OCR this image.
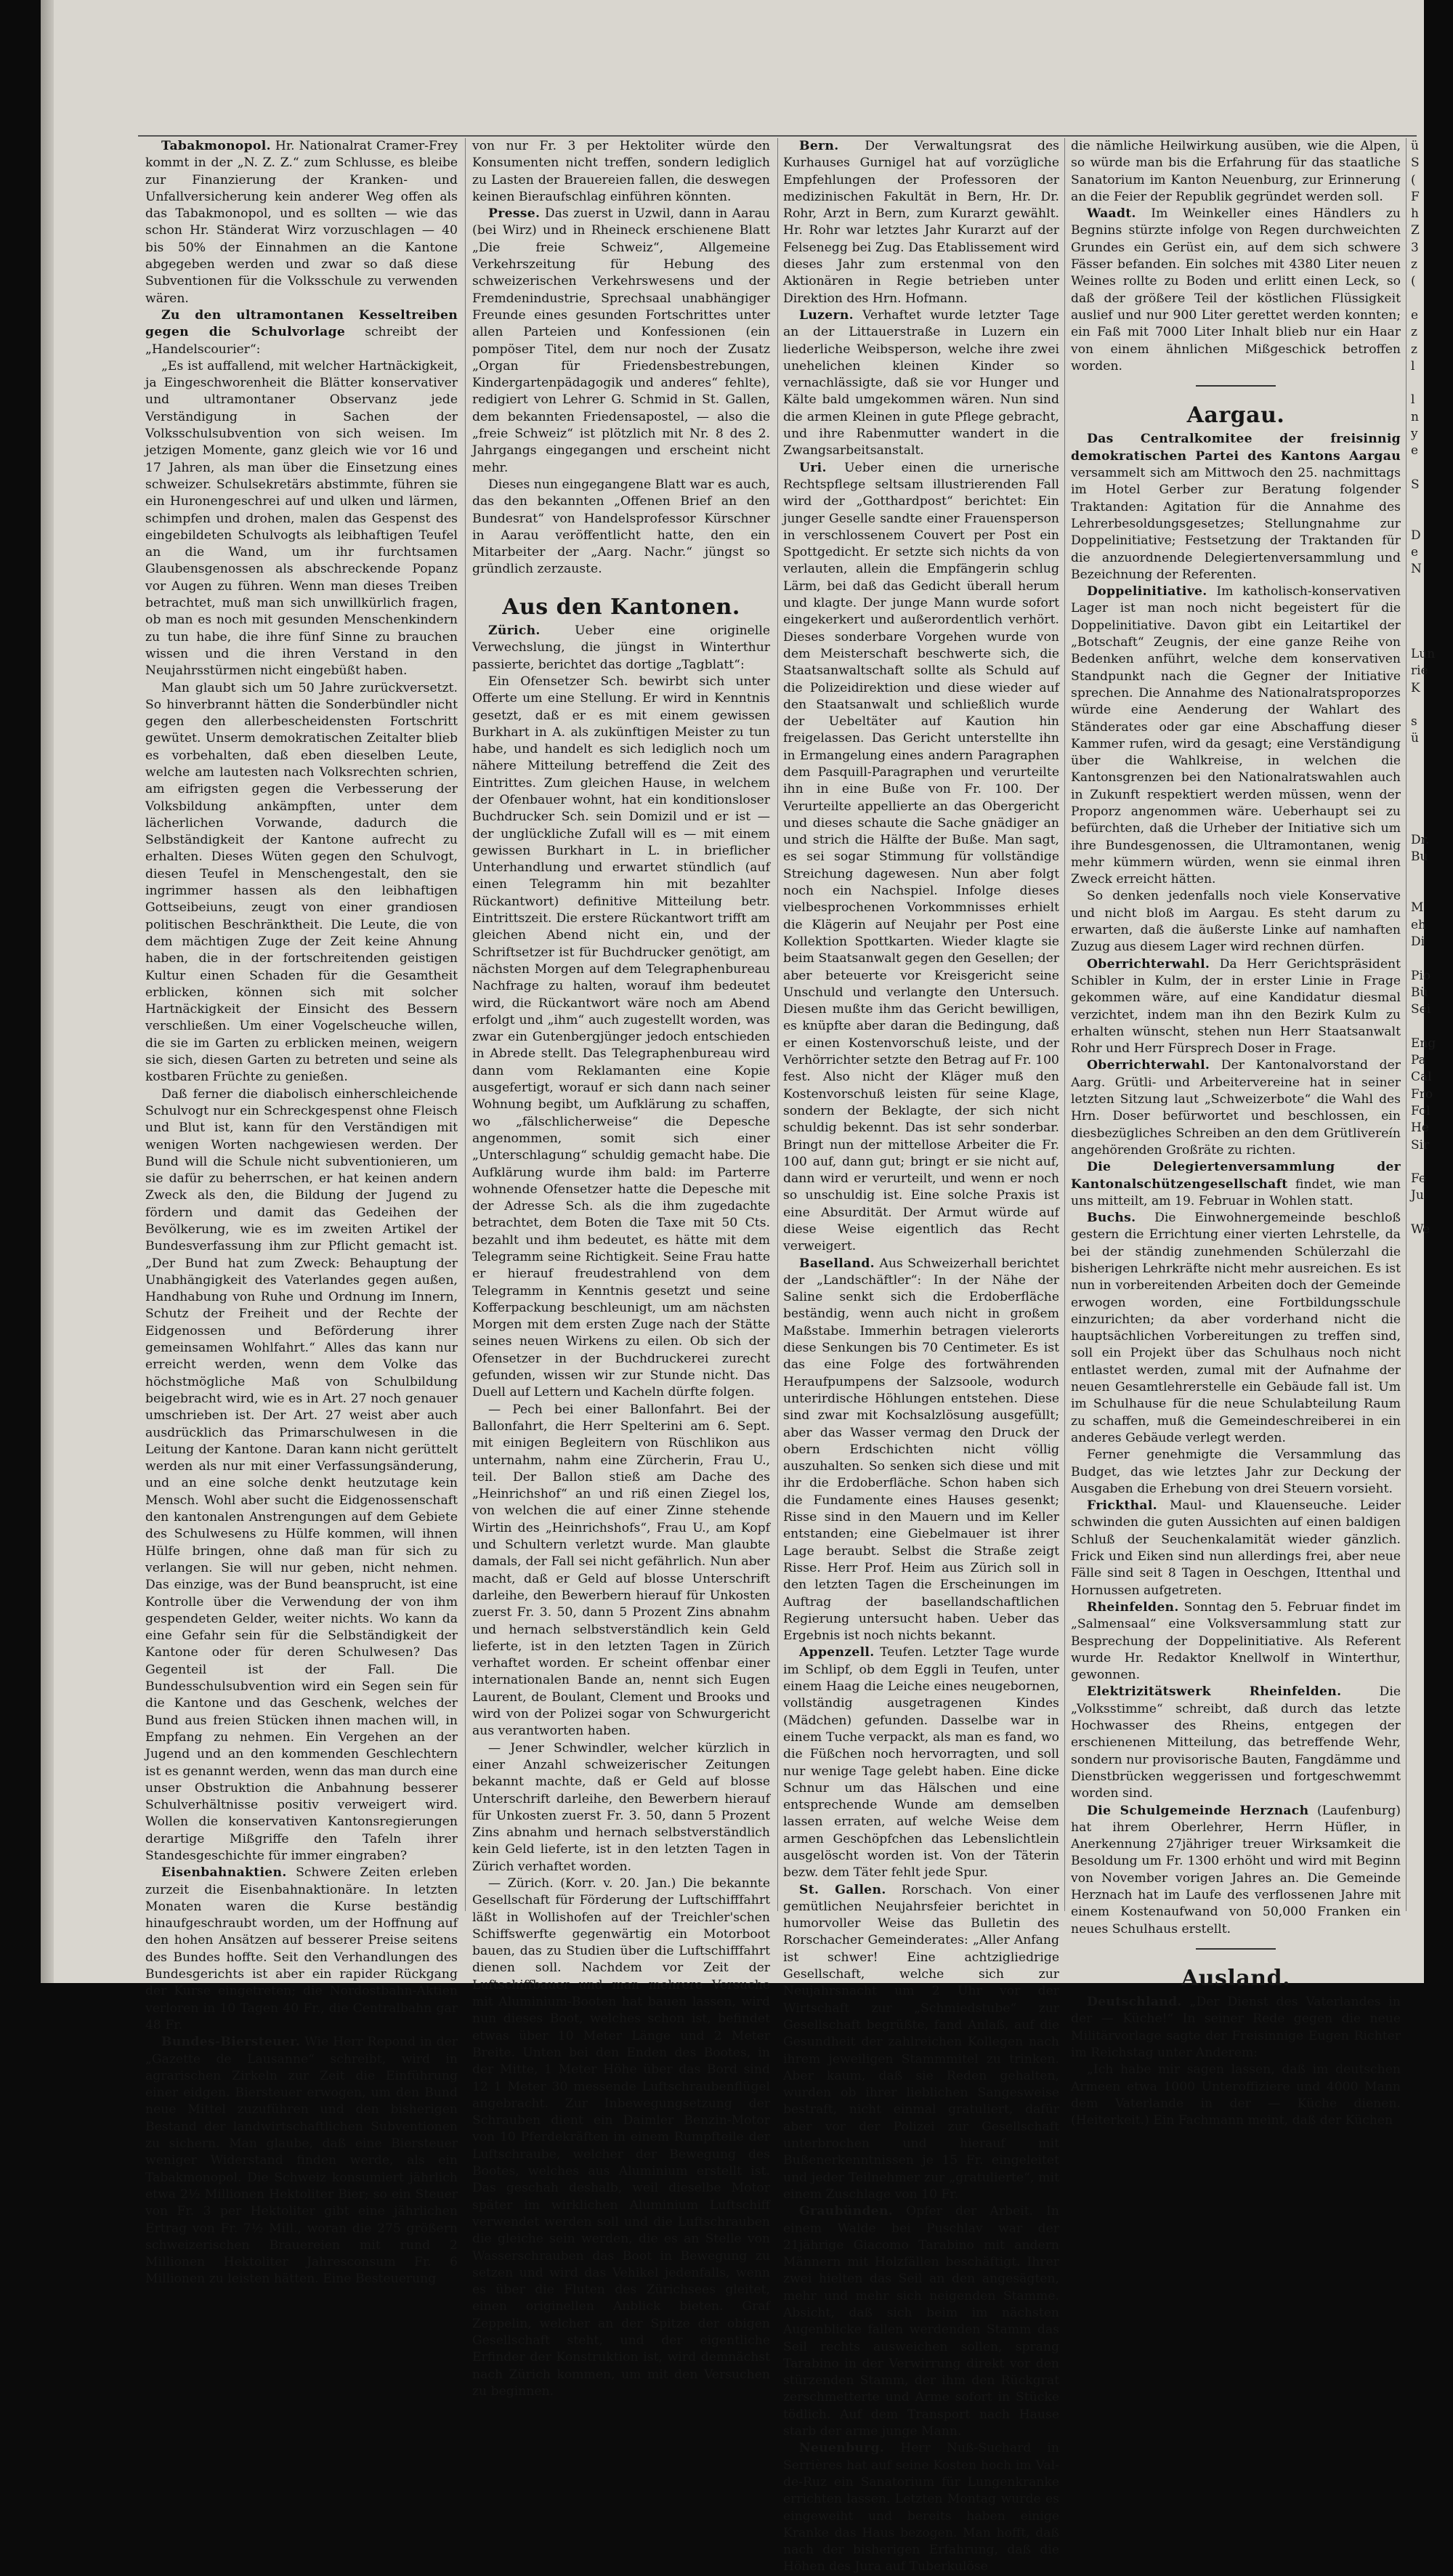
Tabakmonopol. Hr. Nationalrat Cramer-Frey kommt in der „N. Z. Z.“ zum Schlusse, es bleibe zur Finanzierung der Kranken- und Unfallversicherung kein anderer Weg offen als das Tabakmonopol, und es sollten — wie das schon Hr. Ständerat Wirz vorzuschlagen — 40 bis 50% der Einnahmen an die Kantone abgegeben werden und zwar so daß diese Subventionen für die Volksschule zu verwenden wären.

Zu den ultramontanen Kesseltreiben gegen die Schulvorlage schreibt der „Handelscourier“:

„Es ist auffallend, mit welcher Hartnäckigkeit, ja Eingeschworenheit die Blätter konservativer und ultramontaner Observanz jede Verständigung in Sachen der Volksschulsubvention von sich weisen. Im jetzigen Momente, ganz gleich wie vor 16 und 17 Jahren, als man über die Einsetzung eines schweizer. Schulsekretärs abstimmte, führen sie ein Huronengeschrei auf und ulken und lärmen, schimpfen und drohen, malen das Gespenst des eingebildeten Schulvogts als leibhaftigen Teufel an die Wand, um ihr furchtsamen Glaubensgenossen als abschreckende Popanz vor Augen zu führen. Wenn man dieses Treiben betrachtet, muß man sich unwillkürlich fragen, ob man es noch mit gesunden Menschenkindern zu tun habe, die ihre fünf Sinne zu brauchen wissen und die ihren Verstand in den Neujahrsstürmen nicht eingebüßt haben.

Man glaubt sich um 50 Jahre zurückversetzt. So hinverbrannt hätten die Sonderbündler nicht gegen den allerbescheidensten Fortschritt gewütet. Unserm demokratischen Zeitalter blieb es vorbehalten, daß eben dieselben Leute, welche am lautesten nach Volksrechten schrien, am eifrigsten gegen die Verbesserung der Volksbildung ankämpften, unter dem lächerlichen Vorwande, dadurch die Selbständigkeit der Kantone aufrecht zu erhalten. Dieses Wüten gegen den Schulvogt, diesen Teufel in Menschengestalt, den sie ingrimmer hassen als den leibhaftigen Gottseibeiuns, zeugt von einer grandiosen politischen Beschränktheit. Die Leute, die von dem mächtigen Zuge der Zeit keine Ahnung haben, die in der fortschreitenden geistigen Kultur einen Schaden für die Gesamtheit erblicken, können sich mit solcher Hartnäckigkeit der Einsicht des Bessern verschließen. Um einer Vogelscheuche willen, die sie im Garten zu erblicken meinen, weigern sie sich, diesen Garten zu betreten und seine als kostbaren Früchte zu genießen.

Daß ferner die diabolisch einherschleichende Schulvogt nur ein Schreckgespenst ohne Fleisch und Blut ist, kann für den Verständigen mit wenigen Worten nachgewiesen werden. Der Bund will die Schule nicht subventionieren, um sie dafür zu beherrschen, er hat keinen andern Zweck als den, die Bildung der Jugend zu fördern und damit das Gedeihen der Bevölkerung, wie es im zweiten Artikel der Bundesverfassung ihm zur Pflicht gemacht ist. „Der Bund hat zum Zweck: Behauptung der Unabhängigkeit des Vaterlandes gegen außen, Handhabung von Ruhe und Ordnung im Innern, Schutz der Freiheit und der Rechte der Eidgenossen und Beförderung ihrer gemeinsamen Wohlfahrt.“ Alles das kann nur erreicht werden, wenn dem Volke das höchstmögliche Maß von Schulbildung beigebracht wird, wie es in Art. 27 noch genauer umschrieben ist. Der Art. 27 weist aber auch ausdrücklich das Primarschulwesen in die Leitung der Kantone. Daran kann nicht gerüttelt werden als nur mit einer Verfassungsänderung, und an eine solche denkt heutzutage kein Mensch. Wohl aber sucht die Eidgenossenschaft den kantonalen Anstrengungen auf dem Gebiete des Schulwesens zu Hülfe kommen, will ihnen Hülfe bringen, ohne daß man für sich zu verlangen. Sie will nur geben, nicht nehmen. Das einzige, was der Bund beansprucht, ist eine Kontrolle über die Verwendung der von ihm gespendeten Gelder, weiter nichts. Wo kann da eine Gefahr sein für die Selbständigkeit der Kantone oder für deren Schulwesen? Das Gegenteil ist der Fall. Die Bundesschulsubvention wird ein Segen sein für die Kantone und das Geschenk, welches der Bund aus freien Stücken ihnen machen will, in Empfang zu nehmen. Ein Vergehen an der Jugend und an den kommenden Geschlechtern ist es genannt werden, wenn das man durch eine unser Obstruktion die Anbahnung besserer Schulverhältnisse positiv verweigert wird. Wollen die konservativen Kantonsregierungen derartige Mißgriffe den Tafeln ihrer Standesgeschichte für immer eingraben?

Eisenbahnaktien. Schwere Zeiten erleben zurzeit die Eisenbahnaktionäre. In letzten Monaten waren die Kurse beständig hinaufgeschraubt worden, um der Hoffnung auf den hohen Ansätzen auf besserer Preise seitens des Bundes hoffte. Seit den Verhandlungen des Bundesgerichts ist aber ein rapider Rückgang der Kurse eingetreten; die Nordostbahn-Aktien verloren in 10 Tagen 40 Fr., die Centralbahn gar 48 Fr.

Bundes-Biersteuer. Wie Herr Repond in der „Gazette de Lausanne“ schreibt, wird in agrarischen Zirkeln zur Zeit die Einführung einer eidgen. Biersteuer erwogen, um den Bund neue Mittel zuzuführen und den bisherigen Bestand der landwirtschaftlichen Subventionen zu sichern. Man glaube, daß eine Biersteuer weniger Widerstand finden werde, als ein Tabakmonopol. Die Schweiz konsumiert jährlich etwa 2½ Millionen Hektoliter Bier; so ein Steuer von Fr. 3 per Hektoliter gibt eine jährlichen Ertrag von Fr. 7½ Mill., woran die 275 größern schweizerischen Brauereien mit rund 2 Millionen Hektoliter Jahresconsum Fr. 6 Millionen zu leisten hätten. Eine Besteuerung

von nur Fr. 3 per Hektoliter würde den Konsumenten nicht treffen, sondern lediglich zu Lasten der Brauereien fallen, die deswegen keinen Bieraufschlag einführen könnten.

Presse. Das zuerst in Uzwil, dann in Aarau (bei Wirz) und in Rheineck erschienene Blatt „Die freie Schweiz“, Allgemeine Verkehrszeitung für Hebung des schweizerischen Verkehrswesens und der Fremdenindustrie, Sprechsaal unabhängiger Freunde eines gesunden Fortschrittes unter allen Parteien und Konfessionen (ein pompöser Titel, dem nur noch der Zusatz „Organ für Friedensbestrebungen, Kindergartenpädagogik und anderes“ fehlte), redigiert von Lehrer G. Schmid in St. Gallen, dem bekannten Friedensapostel, — also die „freie Schweiz“ ist plötzlich mit Nr. 8 des 2. Jahrgangs eingegangen und erscheint nicht mehr.

Dieses nun eingegangene Blatt war es auch, das den bekannten „Offenen Brief an den Bundesrat“ von Handelsprofessor Kürschner in Aarau veröffentlicht hatte, den ein Mitarbeiter der „Aarg. Nachr.“ jüngst so gründlich zerzauste.

Aus den Kantonen.

Zürich.	Ueber eine originelle Verwechslung, die jüngst in Winterthur passierte, berichtet das dortige „Tagblatt“:

Ein Ofensetzer Sch. bewirbt sich unter Offerte um eine Stellung. Er wird in Kenntnis gesetzt, daß er es mit einem gewissen Burkhart in A. als zukünftigen Meister zu tun habe, und handelt es sich lediglich noch um nähere Mitteilung betreffend die Zeit des Eintrittes. Zum gleichen Hause, in welchem der Ofenbauer wohnt, hat ein konditionsloser Buchdrucker Sch. sein Domizil und er ist — der unglückliche Zufall will es — mit einem gewissen Burkhart in L. in brieflicher Unterhandlung und erwartet stündlich (auf einen Telegramm hin mit bezahlter Rückantwort) definitive Mitteilung betr. Eintrittszeit. Die erstere Rückantwort trifft am gleichen Abend nicht ein, und der Schriftsetzer ist für Buchdrucker genötigt, am nächsten Morgen auf dem Telegraphenbureau Nachfrage zu halten, worauf ihm bedeutet wird, die Rückantwort wäre noch am Abend erfolgt und „ihm“ auch zugestellt worden, was zwar ein Gutenbergjünger jedoch entschieden in Abrede stellt. Das Telegraphenbureau wird dann vom Reklamanten eine Kopie ausgefertigt, worauf er sich dann nach seiner Wohnung begibt, um Aufklärung zu schaffen, wo „fälschlicherweise“ die Depesche angenommen, somit sich einer „Unterschlagung“ schuldig gemacht habe. Die Aufklärung wurde ihm bald: im Parterre wohnende Ofensetzer hatte die Depesche mit der Adresse Sch. als die ihm zugedachte betrachtet, dem Boten die Taxe mit 50 Cts. bezahlt und ihm bedeutet, es hätte mit dem Telegramm seine Richtigkeit. Seine Frau hatte er hierauf freudestrahlend von dem Telegramm in Kenntnis gesetzt und seine Kofferpackung beschleunigt, um am nächsten Morgen mit dem ersten Zuge nach der Stätte seines neuen Wirkens zu eilen. Ob sich der Ofensetzer in der Buchdruckerei zurecht gefunden, wissen wir zur Stunde nicht. Das Duell auf Lettern und Kacheln dürfte folgen.

— Pech bei einer Ballonfahrt. Bei der Ballonfahrt, die Herr Spelterini am 6. Sept. mit einigen Begleitern von Rüschlikon aus unternahm, nahm eine Zürcherin, Frau U., teil. Der Ballon stieß am Dache des „Heinrichshof“ an und riß einen Ziegel los, von welchen die auf einer Zinne stehende Wirtin des „Heinrichshofs“, Frau U., am Kopf und Schultern verletzt wurde. Man glaubte damals, der Fall sei nicht gefährlich. Nun aber macht, daß er Geld auf blosse Unterschrift darleihe, den Bewerbern hierauf für Unkosten zuerst Fr. 3. 50, dann 5 Prozent Zins abnahm und hernach selbstverständlich kein Geld lieferte, ist in den letzten Tagen in Zürich verhaftet worden. Er scheint offenbar einer internationalen Bande an, nennt sich Eugen Laurent, de Boulant, Clement und Brooks und wird von der Polizei sogar von Schwurgericht aus verantworten haben.

— Jener Schwindler, welcher kürzlich in einer Anzahl schweizerischer Zeitungen bekannt machte, daß er Geld auf blosse Unterschrift darleihe, den Bewerbern hierauf für Unkosten zuerst Fr. 3. 50, dann 5 Prozent Zins abnahm und hernach selbstverständlich kein Geld lieferte, ist in den letzten Tagen in Zürich verhaftet worden.

— Zürich. (Korr. v. 20. Jan.) Die bekannte Gesellschaft für Förderung der Luftschifffahrt läßt in Wollishofen auf der Treichler'schen Schiffswerfte gegenwärtig ein Motorboot bauen, das zu Studien über die Luftschifffahrt dienen soll. Nachdem vor Zeit der Luftschiffbauer und man mehrere Versuche mit Aluminium-Booten hat bauen lassen, wird nun dieses Boot, welches schon ist, befindet etwas über 10 Meter Länge und 2 Meter Breite. Unten bei den Enden des Bootes, in der Mitte, 1 Meter Höhe über das Bord sind 12 1 Meter 30 messende Luftschraubenflügel angebracht. Zur Inbewegungsetzung der Schrauben dient ein Daimler Benzin-Motor von 10 Pferdekräften in einem Rumpfteile der Luftschraube, welcher der Bewegung des Bootes, welches aus Aluminium erstellt ist. Das geschah deshalb, weil dieselbe Motor später im wirklichen Aluminium Luftschiff verwendet werden soll und die Luftschrauben die gleiche sein werden, die es an Stelle von Wasserschrauben das Boot in Bewegung zu setzen und wird das Vehikel jedenfalls, wenn es über die Fluten des Zürichsees gleitet, einen originellen Anblick bieten. Graf Zeppelin, welcher an der Spitze der obigen Gesellschaft steht, und der eigentliche Erfinder der Konstruktion ist, wird demnächst nach Zürich kommen, um mit den Versuchen zu beginnen.

Bern. Der Verwaltungsrat des Kurhauses Gurnigel hat auf vorzügliche Empfehlungen der Professoren der medizinischen Fakultät in Bern, Hr. Dr. Rohr, Arzt in Bern, zum Kurarzt gewählt. Hr. Rohr war letztes Jahr Kurarzt auf der Felsenegg bei Zug. Das Etablissement wird dieses Jahr zum erstenmal von den Aktionären in Regie betrieben unter Direktion des Hrn. Hofmann.

Luzern. Verhaftet wurde letzter Tage an der Littauerstraße in Luzern ein liederliche Weibsperson, welche ihre zwei unehelichen kleinen Kinder so vernachlässigte, daß sie vor Hunger und Kälte bald umgekommen wären. Nun sind die armen Kleinen in gute Pflege gebracht, und ihre Rabenmutter wandert in die Zwangsarbeitsanstalt.

Uri. Ueber einen die urnerische Rechtspflege seltsam illustrierenden Fall wird der „Gotthardpost“ berichtet: Ein junger Geselle sandte einer Frauensperson in verschlossenem Couvert per Post ein Spottgedicht. Er setzte sich nichts da von verlauten, allein die Empfängerin schlug Lärm, bei daß das Gedicht überall herum und klagte. Der junge Mann wurde sofort eingekerkert und außerordentlich verhört. Dieses sonderbare Vorgehen wurde von dem Meisterschaft beschwerte sich, die Staatsanwaltschaft sollte als Schuld auf die Polizeidirektion und diese wieder auf den Staatsanwalt und schließlich wurde der Uebeltäter auf Kaution hin freigelassen. Das Gericht unterstellte ihn in Ermangelung eines andern Paragraphen dem Pasquill-Paragraphen und verurteilte ihn in eine Buße von Fr. 100. Der Verurteilte appellierte an das Obergericht und dieses schaute die Sache gnädiger an und strich die Hälfte der Buße. Man sagt, es sei sogar Stimmung für vollständige Streichung dagewesen. Nun aber folgt noch ein Nachspiel. Infolge dieses vielbesprochenen Vorkommnisses erhielt die Klägerin auf Neujahr per Post eine Kollektion Spottkarten. Wieder klagte sie beim Staatsanwalt gegen den Gesellen; der aber beteuerte vor Kreisgericht seine Unschuld und verlangte den Untersuch. Diesen mußte ihm das Gericht bewilligen, es knüpfte aber daran die Bedingung, daß er einen Kostenvorschuß leiste, und der Verhörrichter setzte den Betrag auf Fr. 100 fest. Also nicht der Kläger muß den Kostenvorschuß leisten für seine Klage, sondern der Beklagte, der sich nicht schuldig bekennt. Das ist sehr sonderbar. Bringt nun der mittellose Arbeiter die Fr. 100 auf, dann gut; bringt er sie nicht auf, dann wird er verurteilt, und wenn er noch so unschuldig ist. Eine solche Praxis ist eine Absurdität. Der Armut würde auf diese Weise eigentlich das Recht verweigert.

Baselland. Aus Schweizerhall berichtet der „Landschäftler“: In der Nähe der Saline senkt sich die Erdoberfläche beständig, wenn auch nicht in großem Maßstabe. Immerhin betragen vielerorts diese Senkungen bis 70 Centimeter. Es ist das eine Folge des fortwährenden Heraufpumpens der Salzsoole, wodurch unterirdische Höhlungen entstehen. Diese sind zwar mit Kochsalzlösung ausgefüllt; aber das Wasser vermag den Druck der obern Erdschichten nicht völlig auszuhalten. So senken sich diese und mit ihr die Erdoberfläche. Schon haben sich die Fundamente eines Hauses gesenkt; Risse sind in den Mauern und im Keller entstanden; eine Giebelmauer ist ihrer Lage beraubt. Selbst die Straße zeigt Risse. Herr Prof. Heim aus Zürich soll in den letzten Tagen die Erscheinungen im Auftrag der basellandschaftlichen Regierung untersucht haben. Ueber das Ergebnis ist noch nichts bekannt.

Appenzell. Teufen. Letzter Tage wurde im Schlipf, ob dem Eggli in Teufen, unter einem Haag die Leiche eines neugebornen, vollständig ausgetragenen Kindes (Mädchen) gefunden. Dasselbe war in einem Tuche verpackt, als man es fand, wo die Füßchen noch hervorragten, und soll nur wenige Tage gelebt haben. Eine dicke Schnur um das Hälschen und eine entsprechende Wunde am demselben lassen erraten, auf welche Weise dem armen Geschöpfchen das Lebenslichtlein ausgelöscht worden ist. Von der Täterin bezw. dem Täter fehlt jede Spur.

St. Gallen. Rorschach. Von einer gemütlichen Neujahrsfeier berichtet in humorvoller Weise das Bulletin des Rorschacher Gemeinderates: „Aller Anfang ist schwer! Eine achtzigliedrige Gesellschaft, welche sich zur Neujahrsnacht um 2 Uhr vor der Wirtschaft zur „Schmiedstube“ zur Gesellschaft begrüßte, fand Anlaß, auf die Gesundheit der zahlreichen Kollegen nach ihrem jeweiligen Stammmitel zu trinken. Aber kaum, daß sie Reden gehalten, wurden ob ihrer lieblichen Sangesweise bestraft, nicht einmal gratuliert, dafür aber vor der Polizei zur Gesellschaft unterbrochen und hierauf mit Bußenerkenntnissen je 15 Fr. eingeleitet und jeder Teilnehmer zur „gratulierte“, mit einem Zuschlage von 10 Fr.

Graubünden. Opfer der Arbeit. In einem Walde bei Puschlav war der 21jährige Giacomo Tarabino mit andern Männern mit Holzfällen beschäftigt. Ihrer zwei hielten das Seil an den angesägten, mehr und mehr sich neigenden Stamme. Absicht, daß sich beim im nächsten Augenblicke fallen werdenden Stamm das Seil rechts ausweichen sollen, sprang Tarabino in der Verwirrung direkt vor den stürzenden Stamm, der ihm den Rückgrat zerschmetterte und Arme sofort in Stücke tödlich. Auf dem Transport nach Hause starb der arme junge Mann.

Neuenburg. Herr Nuß-Suchard in Serrières hat auf seine Kosten hoch im Val-de-Ruz ein Sanatorium für Lungenkranke errichten lassen. Letzten Montag wurde es eingeweiht und bereits haben einige Kranke das Haus bezogen. Man hofft, daß nach der bisherigen Erfahrung, daß die Höhen des Jura auf Tuberkulöse

die nämliche Heilwirkung ausüben, wie die Alpen, so würde man bis die Erfahrung für das staatliche Sanatorium im Kanton Neuenburg, zur Erinnerung an die Feier der Republik gegründet werden soll.

Waadt. Im Weinkeller eines Händlers zu Begnins stürzte infolge von Regen durchweichten Grundes ein Gerüst ein, auf dem sich schwere Fässer befanden. Ein solches mit 4380 Liter neuen Weines rollte zu Boden und erlitt einen Leck, so daß der größere Teil der köstlichen Flüssigkeit auslief und nur 900 Liter gerettet werden konnten; ein Faß mit 7000 Liter Inhalt blieb nur ein Haar von einem ähnlichen Mißgeschick betroffen worden.

Aargau.

Das Centralkomitee der freisinnig demokratischen Partei des Kantons Aargau versammelt sich am Mittwoch den 25. nachmittags im Hotel Gerber zur Beratung folgender Traktanden: Agitation für die Annahme des Lehrerbesoldungsgesetzes; Stellungnahme zur Doppelinitiative; Festsetzung der Traktanden für die anzuordnende Delegiertenversammlung und Bezeichnung der Referenten.

Doppelinitiative. Im katholisch-konservativen Lager ist man noch nicht begeistert für die Doppelinitiative. Davon gibt ein Leitartikel der „Botschaft“ Zeugnis, der eine ganze Reihe von Bedenken anführt, welche dem konservativen Standpunkt nach die Gegner der Initiative sprechen. Die Annahme des Nationalratsproporzes würde eine Aenderung der Wahlart des Ständerates oder gar eine Abschaffung dieser Kammer rufen, wird da gesagt; eine Verständigung über die Wahlkreise, in welchen die Kantonsgrenzen bei den Nationalratswahlen auch in Zukunft respektiert werden müssen, wenn der Proporz angenommen wäre. Ueberhaupt sei zu befürchten, daß die Urheber der Initiative sich um ihre Bundesgenossen, die Ultramontanen, wenig mehr kümmern würden, wenn sie einmal ihren Zweck erreicht hätten.

So denken jedenfalls noch viele Konservative und nicht bloß im Aargau. Es steht darum zu erwarten, daß die äußerste Linke auf namhaften Zuzug aus diesem Lager wird rechnen dürfen.

Oberrichterwahl. Da Herr Gerichtspräsident Schibler in Kulm, der in erster Linie in Frage gekommen wäre, auf eine Kandidatur diesmal verzichtet, indem man ihn den Bezirk Kulm zu erhalten wünscht, stehen nun Herr Staatsanwalt Rohr und Herr Fürsprech Doser in Frage.

Oberrichterwahl. Der Kantonalvorstand der Aarg. Grütli- und Arbeitervereine hat in seiner letzten Sitzung laut „Schweizerbote“ die Wahl des Hrn. Doser befürwortet und beschlossen, ein diesbezügliches Schreiben an den dem Grütlivereín angehörenden Großräte zu richten.

Die Delegiertenversammlung der Kantonalschützengesellschaft findet, wie man uns mitteilt, am 19. Februar in Wohlen statt.

Buchs. Die Einwohnergemeinde beschloß gestern die Errichtung einer vierten Lehrstelle, da bei der ständig zunehmenden Schülerzahl die bisherigen Lehrkräfte nicht mehr ausreichen. Es ist nun in vorbereitenden Arbeiten doch der Gemeinde erwogen worden, eine Fortbildungsschule einzurichten; da aber vorderhand nicht die hauptsächlichen Vorbereitungen zu treffen sind, soll ein Projekt über das Schulhaus noch nicht entlastet werden, zumal mit der Aufnahme der neuen Gesamtlehrerstelle ein Gebäude fall ist. Um im Schulhause für die neue Schulabteilung Raum zu schaffen, muß die Gemeindeschreiberei in ein anderes Gebäude verlegt werden.

Ferner genehmigte die Versammlung das Budget, das wie letztes Jahr zur Deckung der Ausgaben die Erhebung von drei Steuern vorsieht.

Frickthal. Maul- und Klauenseuche. Leider schwinden die guten Aussichten auf einen baldigen Schluß der Seuchenkalamität wieder gänzlich. Frick und Eiken sind nun allerdings frei, aber neue Fälle sind seit 8 Tagen in Oeschgen, Ittenthal und Hornussen aufgetreten.

Rheinfelden. Sonntag den 5. Februar findet im „Salmensaal“ eine Volksversammlung statt zur Besprechung der Doppelinitiative. Als Referent wurde Hr. Redaktor Knellwolf in Winterthur, gewonnen.

Elektrizitätswerk Rheinfelden.	Die „Volksstimme“ schreibt, daß durch das letzte Hochwasser des Rheins, entgegen der erschienenen Mitteilung, das betreffende Wehr, sondern nur provisorische Bauten, Fangdämme und Dienstbrücken weggerissen und fortgeschwemmt worden sind.

Die Schulgemeinde Herznach (Laufenburg) hat ihrem Oberlehrer, Herrn Hüfler, in Anerkennung 27jähriger treuer Wirksamkeit die Besoldung um Fr. 1300 erhöht und wird mit Beginn von November vorigen Jahres an. Die Gemeinde Herznach hat im Laufe des verflossenen Jahre mit einem Kostenaufwand von 50,000 Franken ein neues Schulhaus erstellt.

Ausland.

Deutschland. „Der Dienst des Vaterlandes in der — Küche!“ In seiner Rede gegen die neue Militärvorlage sagte der Freisinnige Eugen Richter im Reichstag unter Anderem:

„Ich habe mir sagen lassen, daß im deutschen Armeen etwa 1000 Unteroffiziere und 4000 Mann dem Vaterlande in der — Küche dienen. (Heiterkeit.) Ein Fachmann meint, daß der Küchen

ü
S
(
F
h
Z
3
z
(

e
z
z
l

l
n
y
e

S

D
e
N

Lun
rie
K

s
ü

Dr.
Bu

M
eh
Di

Pio
Bü
Sei

Eng
Pa
Cal
Fro
Fol
He
Sir

Fe
Ju

We
